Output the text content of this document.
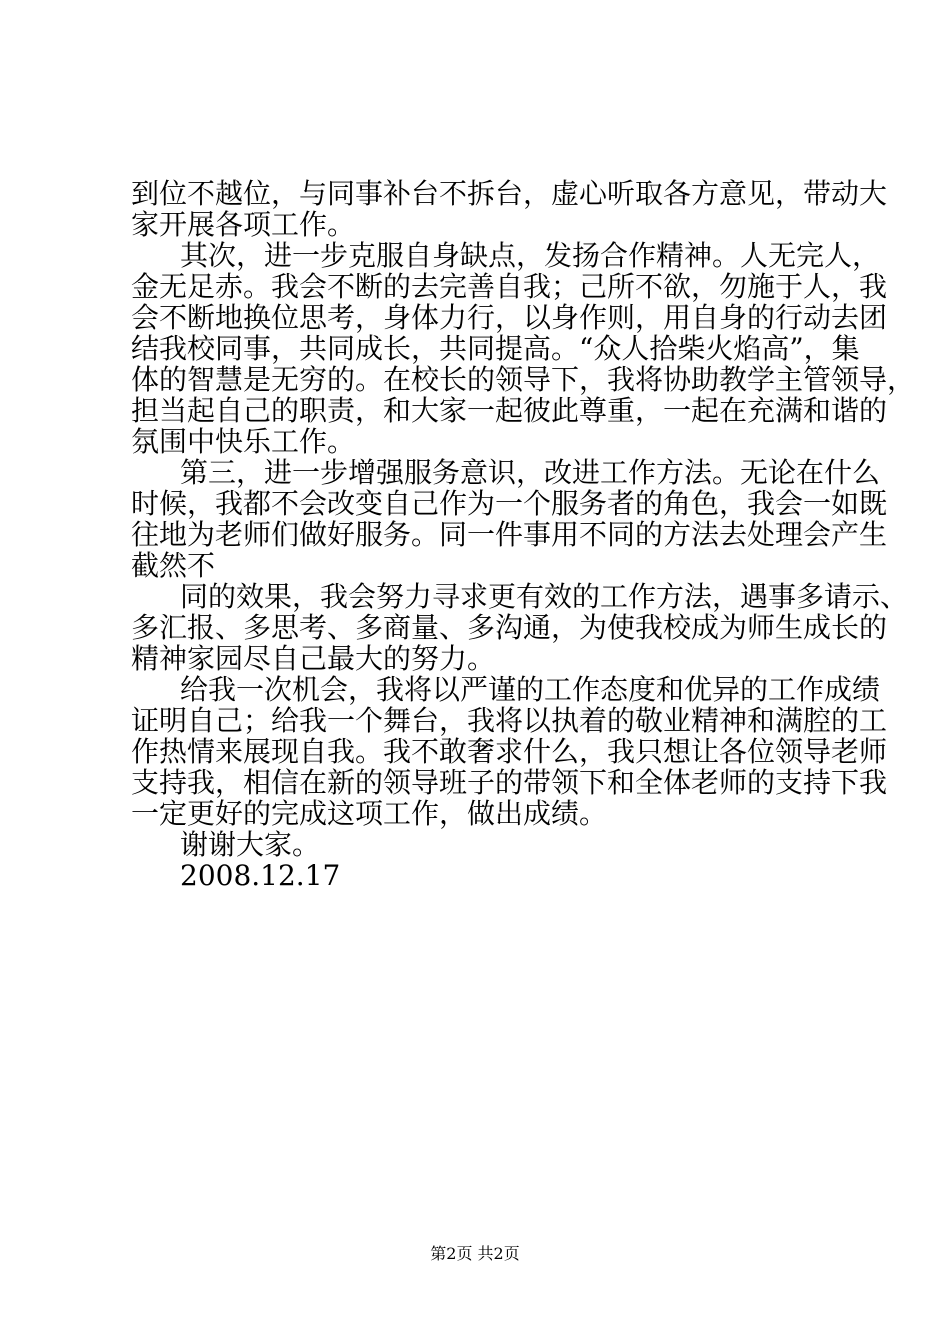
到位不越位，与同事补台不拆台，虚心听取各方意见，带动大
家开展各项工作。
其次，进一步克服自身缺点，发扬合作精神。人无完人，
金无足赤。我会不断的去完善自我；己所不欲，勿施于人，我
会不断地换位思考，身体力行，以身作则，用自身的行动去团
结我校同事，共同成长，共同提高。“众人拾柴火焰高”，集
体的智慧是无穷的。在校长的领导下，我将协助教学主管领导，
担当起自己的职责，和大家一起彼此尊重，一起在充满和谐的
氛围中快乐工作。
第三，进一步增强服务意识，改进工作方法。无论在什么
时候，我都不会改变自己作为一个服务者的角色，我会一如既
往地为老师们做好服务。同一件事用不同的方法去处理会产生
截然不
同的效果，我会努力寻求更有效的工作方法，遇事多请示、
多汇报、多思考、多商量、多沟通，为使我校成为师生成长的
精神家园尽自己最大的努力。
给我一次机会，我将以严谨的工作态度和优异的工作成绩
证明自己；给我一个舞台，我将以执着的敬业精神和满腔的工
作热情来展现自我。我不敢奢求什么，我只想让各位领导老师
支持我，相信在新的领导班子的带领下和全体老师的支持下我
一定更好的完成这项工作，做出成绩。
谢谢大家。
2008.12.17
第2页 共2页
